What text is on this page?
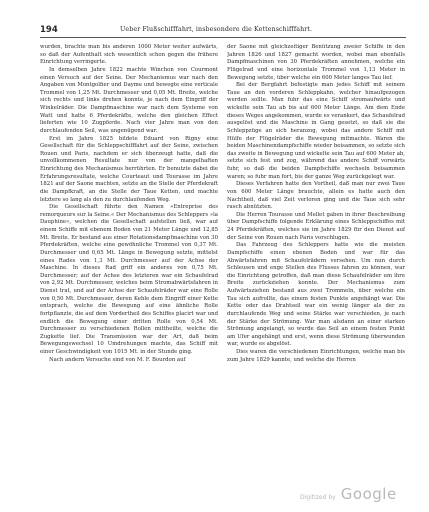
194	Ueber Flußschifffahrt, insbesondere die Kettenschifffahrt.

wurden, brachte man bis anderen 1000 Meter weiter aufwärts, so daß der Aufenthalt sich wesentlich schon gegen die frühere Einrichtung verringerte.

In demselben Jahre 1822 machte Winchon von Courmont einen Versuch auf der Seine. Der Mechanismus war nach den Angaben von Montgolfier und Dayme und bewegte eine verticale Trommel von 1,25 Mt. Durchmesser und 0,05 Mt. Breite, welche sich rechts und links drehen konnte, je nach dem Eingriff der Winkelräder. Die Dampfmaschine war nach dem Systeme von Watt und hatte 6 Pferdekräfte, welche den gleichen Effect lieferten wie 10 Zugpferde. Nach vier Jahre man von den durchlaufenden Seil, was ungenügend war.

Erst im Jahre 1825 bildete Eduard von Rigny eine Gesellschaft für die Schleppschifffahrt auf der Seine, zwischen Rouen und Paris, nachdem er sich überzeugt hatte, daß die unvollkommenen Resultate nur von der mangelhaften Einrichtung des Mechanismus herrührten. Er benutzte dabei die Erfahrungsresultate, welche Courteaut und Tourasse im Jahre 1821 auf der Saone machten, setzte an die Stelle der Pferdekraft die Dampfkraft, an die Stelle der Taue Ketten, und machte letztere so lang als den zu durchlaufenden Weg.

Die Gesellschaft führte den Namen »Entreprise des remorqueurs sur la Seine.« Der Mechanismus des Schleppers »la Dauphine«, welchen die Gesellschaft aufstellen ließ, war auf einem Schiffe mit ebenem Boden von 21 Meter Länge und 12,85 Mt. Breite. Er bestand aus einer Rotationsdampfmaschine von 30 Pferdekräften, welche eine gewöhnliche Trommel von 0,37 Mt. Durchmesser und 0,65 Mt. Länge in Bewegung setzte, mittelst eines Rades von 1,3 Mt. Durchmesser auf der Achse der Maschine. In dieses Rad griff ein anderes von 0,75 Mt. Durchmesser; auf der Achse des letzteren war ein Schaufelrad von 2,92 Mt. Durchmesser, welches beim Stromabwärtsfahren in Dienst trat, und auf der Achse der Schaufelräder war eine Rolle von 0,50 Mt. Durchmesser, deren Kehle dem Eingriff einer Kette entsprach, welche die Bewegung auf eine ähnliche Rolle fortpflanzte, die auf dem Vordertheil des Schiffes placirt war und endlich die Bewegung einer dritten Rolle von 0,54 Mt. Durchmesser zu verschiedenen Rollen mittheilte, welche die Zugkette lief. Die Transmission war der Art, daß beim Bewegungswechsel 10 Umdrehungen machte, das Schiff mit einer Geschwindigkeit von 1015 Mt. in der Stunde ging.

Nach andern Versuche sind von M. F. Bourdon auf

der Saone mit gleichzeitiger Benützung zweier Schiffe in den Jahren 1826 und 1827 gemacht worden, wobei man ebenfalls Dampfmaschinen von 30 Pferdekräften annehmen, welche ein Flügelrad und eine horizontale Trommel von 1,13 Meter in Bewegung setzte, über welche ein 600 Meter langes Tau lief.

Bei der Bergfahrt befestigte man jedes Schiff mit seinem Taue an den vorderen Schleppkahn, welcher hinaufgezogen werden sollte. Man fuhr das eine Schiff stromaufwärts und wickelte sein Tau ab bis auf 600 Meter Länge. Am dem Ende dieses Weges angekommen, wurde es verankert, das Schaufelrad ausgelöst und die Maschine in Gang gesetzt, so daß sie die Schleppzüge an sich heranzog, wobei das andere Schiff mit Hülfe der Flügelräder die Bewegung mitmachte. Waren die beiden Maschinendampfschiffe wieder beisammen, so setzte sich das zweite in Bewegung und wickelte sein Tau auf 600 Meter ab, setzte sich fest und zog, während das andere Schiff vorwärts fuhr, so daß die beiden Dampfschiffe wechseln beisammen waren; so fuhr man fort, bis der ganze Weg zurückgelegt war.

Dieses Verfahren hatte den Vortheil, daß man nur zwei Taue von 600 Meter Länge brauchte, allein es hatte auch den Nachtheil, daß viel Zeit verloren ging und die Taue sich sehr rasch abnützten.

Die Herren Tourasse und Mellet gaben in ihrer Beschreibung über Dampfschiffe folgende Erklärung eines Schleppschiffes mit 24 Pferdekräften, welches sie im Jahre 1829 für den Dienst auf der Seine von Rouen nach Paris vorschlugen.

Das Fahrzeug des Schleppers hatte wie die meisten Dampfschiffe einen ebenen Boden und war für das Abwärtsfahren mit Schaufelrädern versehen. Um nun durch Schleusen und enge Stellen des Flusses fahren zu können, war die Einrichtung getroffen, daß man diese Schaufelräder um ihre Breite zurückziehen konnte. Der Mechanismus zum Aufwärtsziehen bestand aus zwei Trommeln, über welche ein Tau sich aufrollte, das einem festen Punkte angehängt war. Die Kette oder das Drahtseil war ein wenig länger als der zu durchlaufende Weg und seine Stärke war verschieden, je nach der Stärke der Strömung. War man alsdann an einer starken Strömung angelangt, so wurde das Seil an einem festen Punkt am Ufer angehängt und erst, wenn diese Strömung überwunden war, wurde es abgelöst.

Dies waren die verschiedenen Einrichtungen, welche man bis zum Jahre 1829 kannte, und welche die Herren

Digitized by Google
